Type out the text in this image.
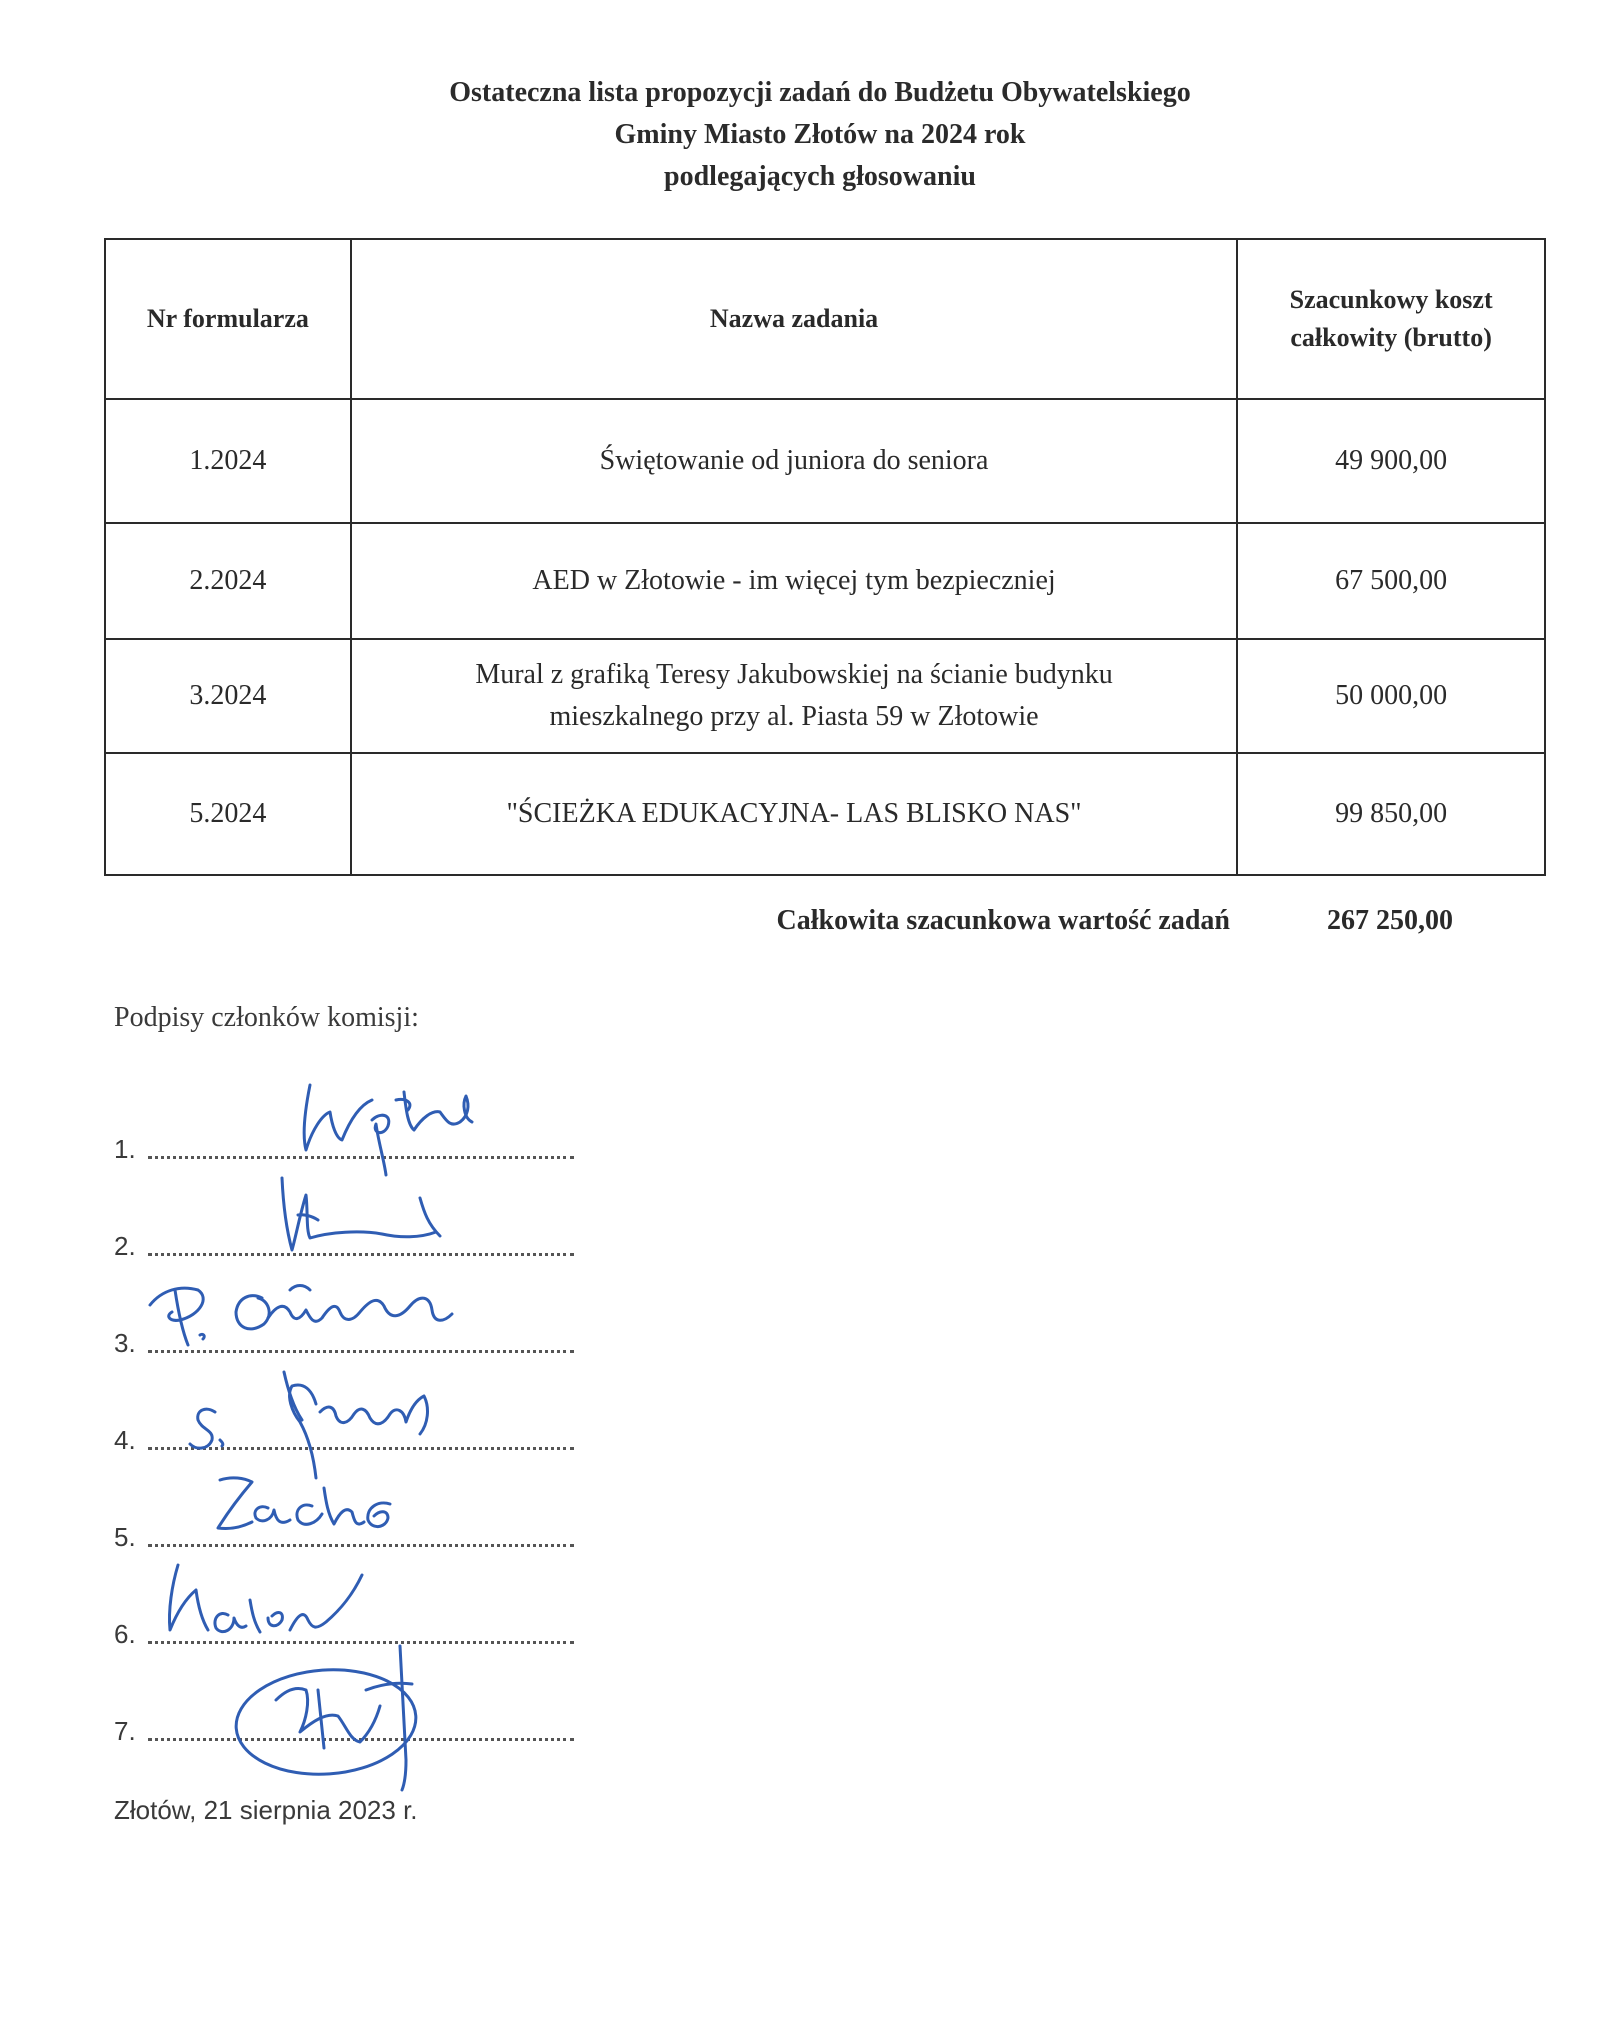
Ostateczna lista propozycji zadań do Budżetu Obywatelskiego
Gminy Miasto Złotów na 2024 rok
podlegających głosowaniu
Nr formularza	Nazwa zadania	Szacunkowy koszt
całkowity (brutto)

1.2024	Świętowanie od juniora do seniora	49 900,00
2.2024	AED w Złotowie - im więcej tym bezpieczniej	67 500,00
3.2024	Mural z grafiką Teresy Jakubowskiej na ścianie budynku
mieszkalnego przy al. Piasta 59 w Złotowie	50 000,00
5.2024	"ŚCIEŻKA EDUKACYJNA- LAS BLISKO NAS"	99 850,00
Całkowita szacunkowa wartość zadań	267 250,00
Podpisy członków komisji:
1.
2.
3.
4.
5.
6.
7.
Złotów, 21 sierpnia 2023 r.
